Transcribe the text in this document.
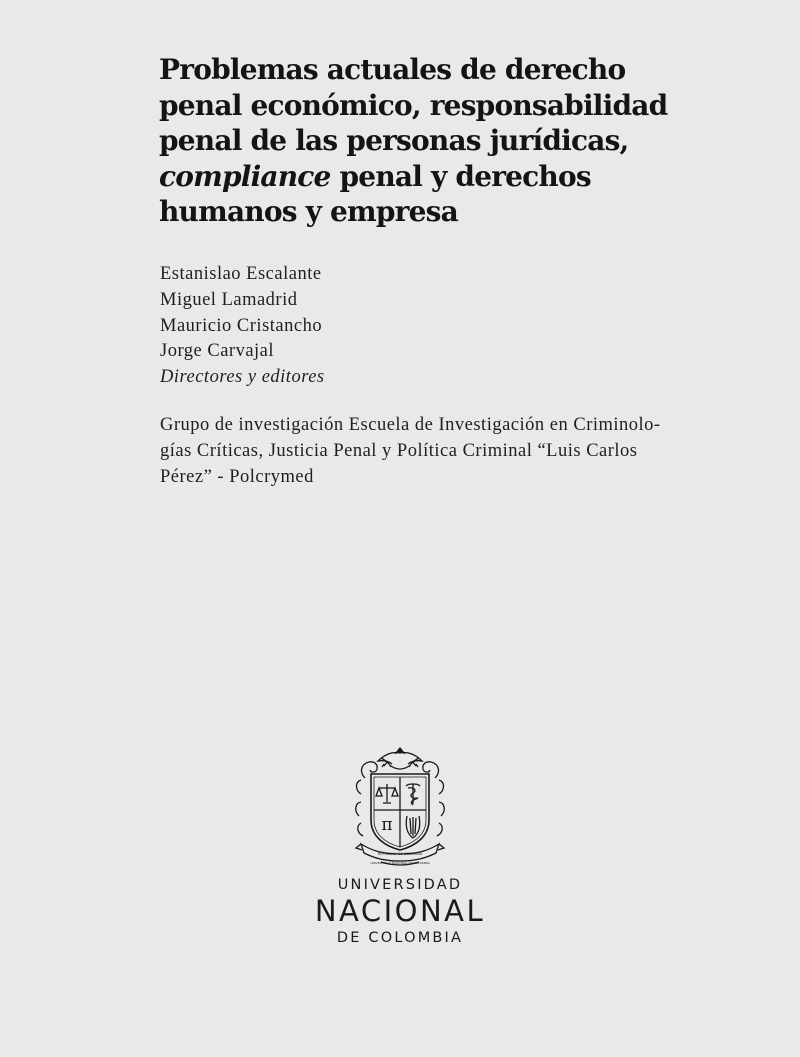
Problemas actuales de derecho
penal económico, responsabilidad
penal de las personas jurídicas,
compliance penal y derechos
humanos y empresa
Estanislao Escalante
Miguel Lamadrid
Mauricio Cristancho
Jorge Carvajal
Directores y editores
Grupo de investigación Escuela de Investigación en Criminolo-
gías Críticas, Justicia Penal y Política Criminal “Luis Carlos
Pérez” - Polcrymed
π
REPUBLICA DE COLOMBIA
UNIVERSIDAD NACIONAL DE COLOMBIA
UNIVERSIDAD
NACIONAL
DE COLOMBIA
